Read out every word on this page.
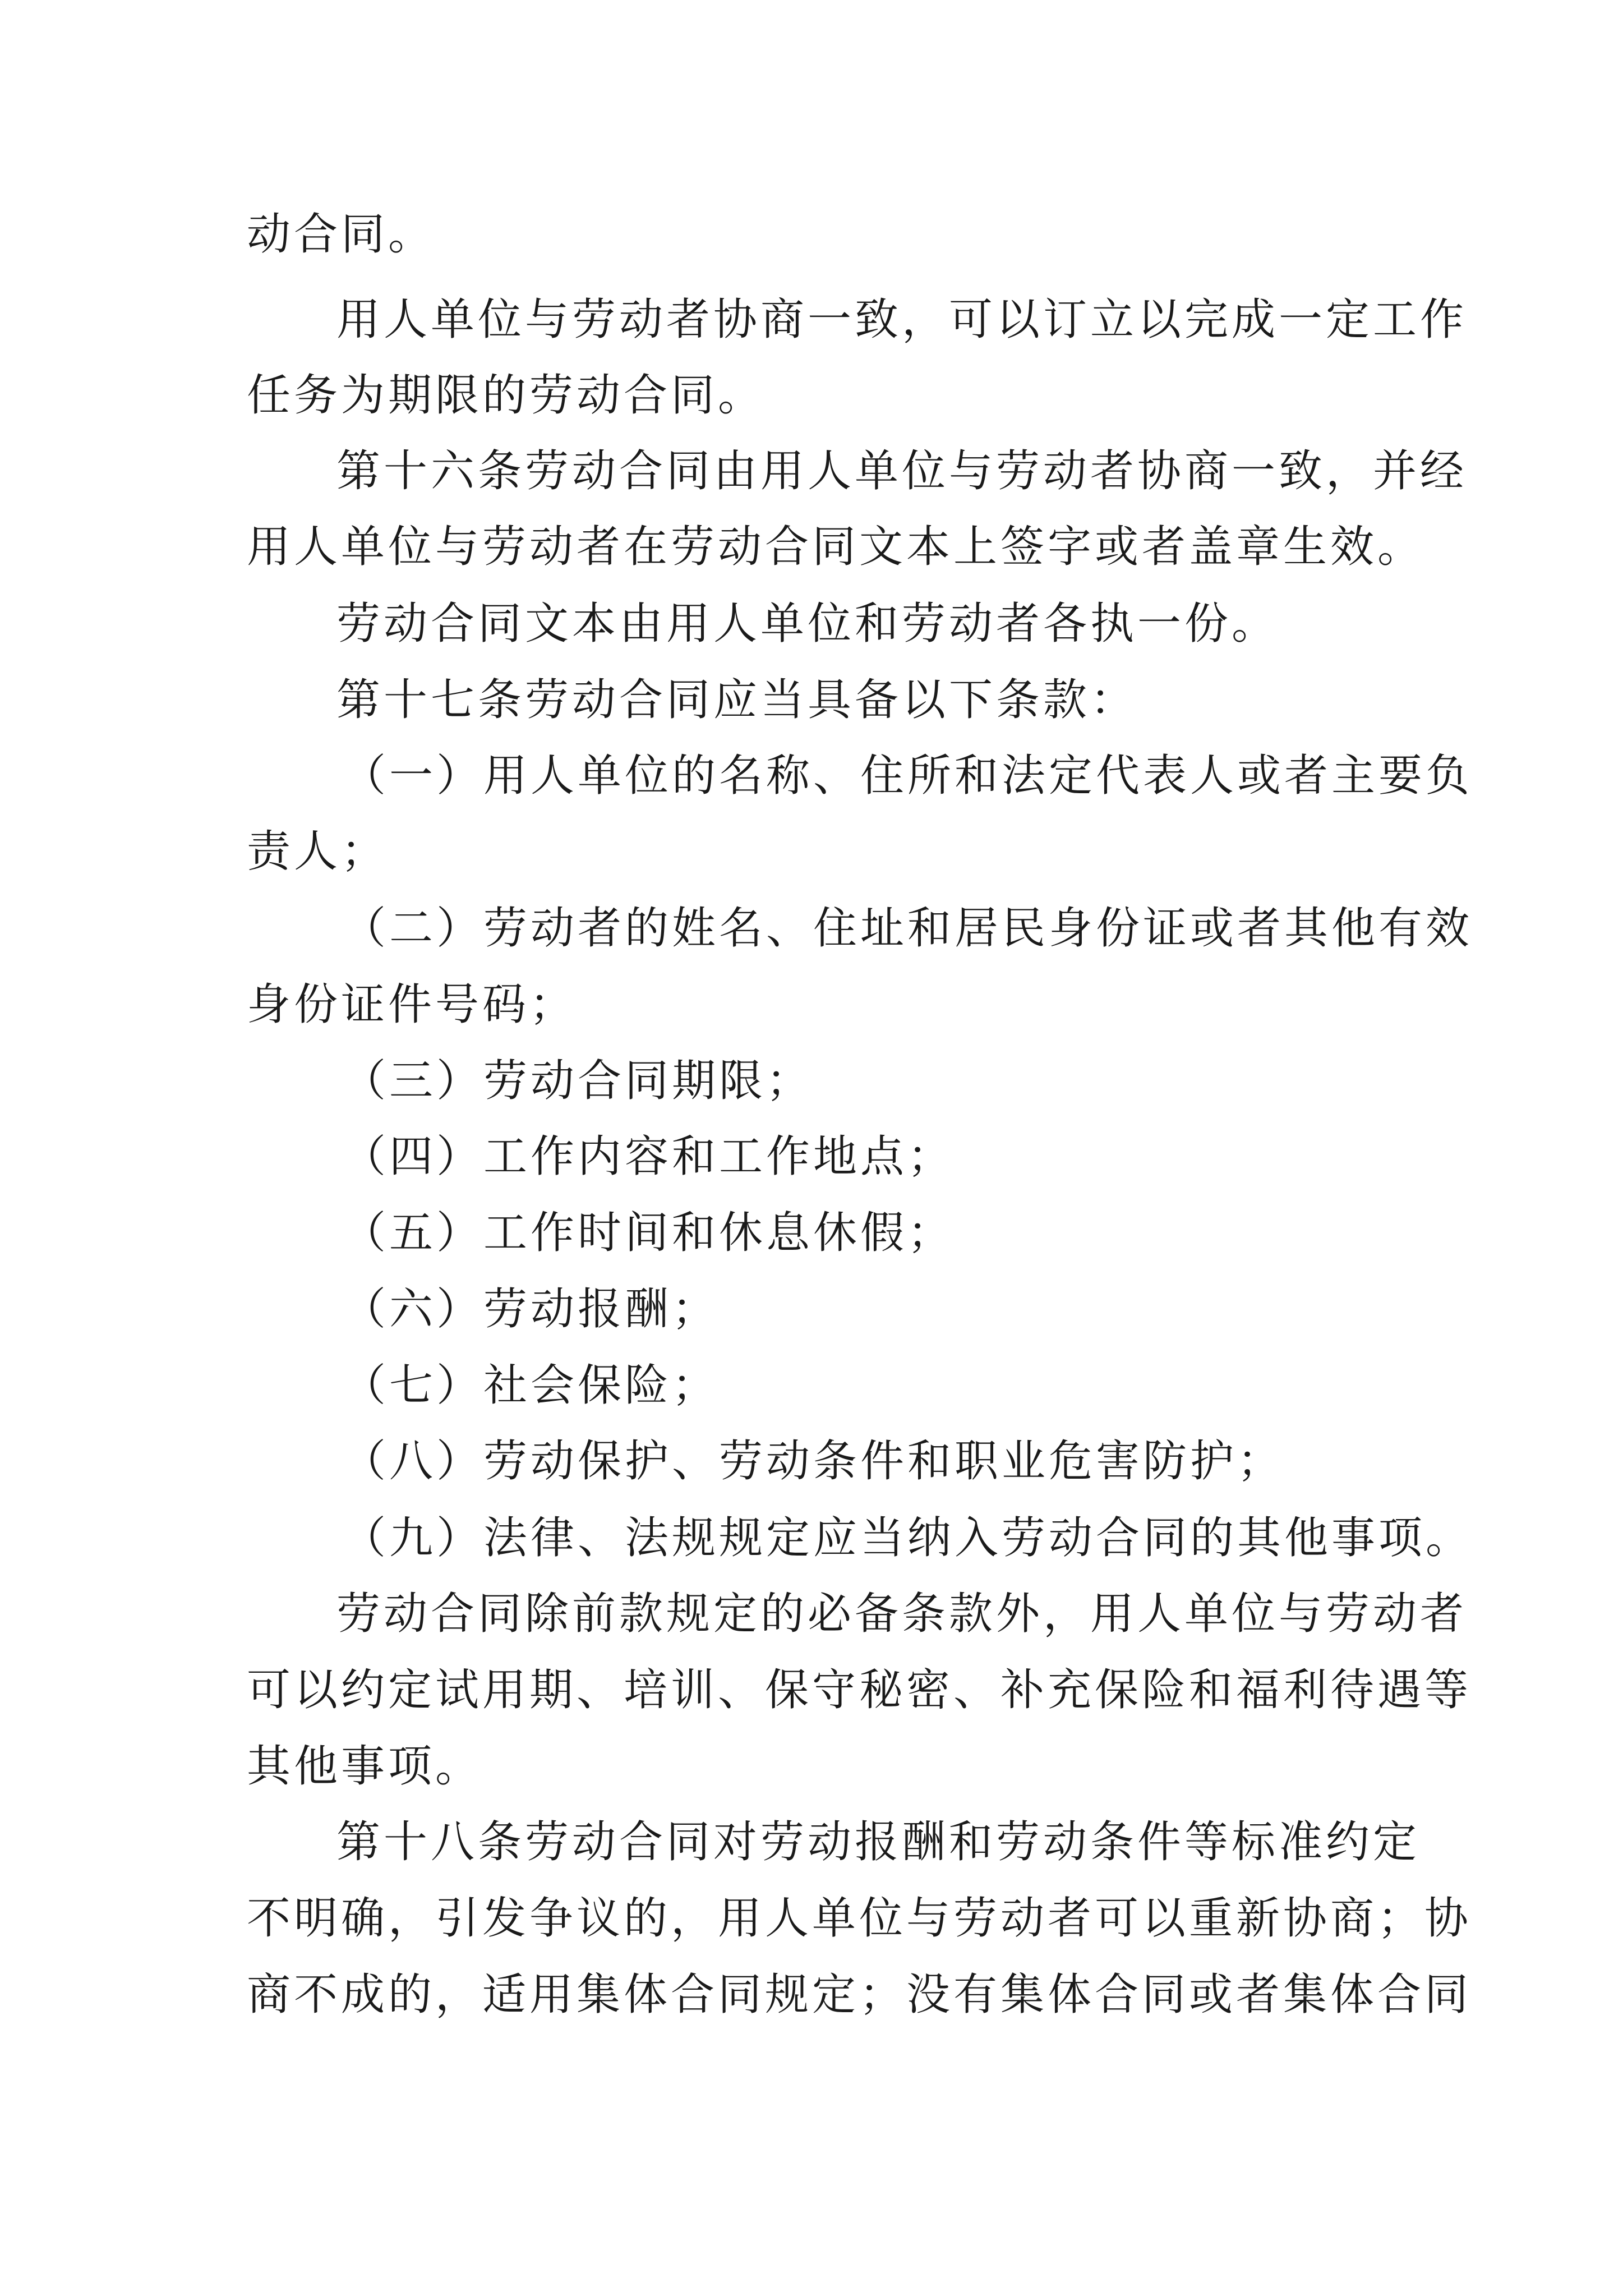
动合同。
用人单位与劳动者协商一致，可以订立以完成一定工作
任务为期限的劳动合同。
第十六条劳动合同由用人单位与劳动者协商一致，并经
用人单位与劳动者在劳动合同文本上签字或者盖章生效。
劳动合同文本由用人单位和劳动者各执一份。
第十七条劳动合同应当具备以下条款：
（一）用人单位的名称、住所和法定代表人或者主要负
责人；
（二）劳动者的姓名、住址和居民身份证或者其他有效
身份证件号码；
（三）劳动合同期限；
（四）工作内容和工作地点；
（五）工作时间和休息休假；
（六）劳动报酬；
（七）社会保险；
（八）劳动保护、劳动条件和职业危害防护；
（九）法律、法规规定应当纳入劳动合同的其他事项。
劳动合同除前款规定的必备条款外，用人单位与劳动者
可以约定试用期、培训、保守秘密、补充保险和福利待遇等
其他事项。
第十八条劳动合同对劳动报酬和劳动条件等标准约定
不明确，引发争议的，用人单位与劳动者可以重新协商；协
商不成的，适用集体合同规定；没有集体合同或者集体合同
